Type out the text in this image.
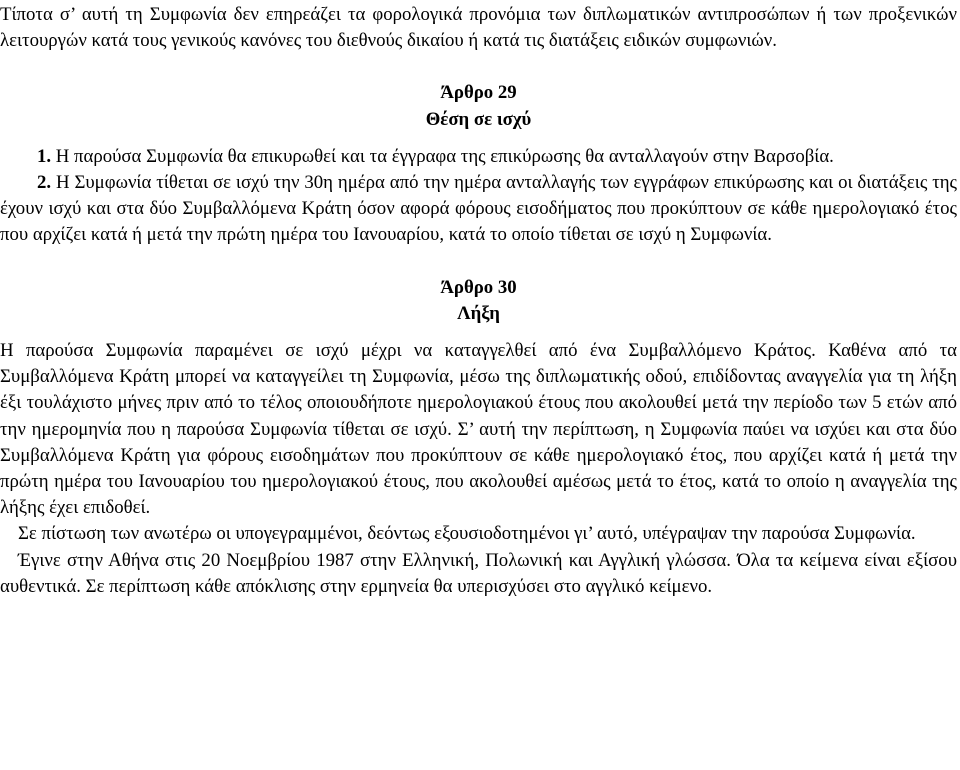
Τίποτα σ’ αυτή τη Συμφωνία δεν επηρεάζει τα φορολογικά προνόμια των διπλωματικών αντιπροσώπων ή των προξενικών λειτουργών κατά τους γενικούς κανόνες του διεθνούς δικαίου ή κατά τις διατάξεις ειδικών συμφωνιών.

Άρθρο 29
Θέση σε ισχύ

1. Η παρούσα Συμφωνία θα επικυρωθεί και τα έγγραφα της επικύρωσης θα ανταλλαγούν στην Βαρσοβία.

2. Η Συμφωνία τίθεται σε ισχύ την 30η ημέρα από την ημέρα ανταλλαγής των εγγράφων επικύρωσης και οι διατάξεις της έχουν ισχύ και στα δύο Συμβαλλόμενα Κράτη όσον αφορά φόρους εισοδήματος που προκύπτουν σε κάθε ημερολογιακό έτος που αρχίζει κατά ή μετά την πρώτη ημέρα του Ιανουαρίου, κατά το οποίο τίθεται σε ισχύ η Συμφωνία.

Άρθρο 30
Λήξη

Η παρούσα Συμφωνία παραμένει σε ισχύ μέχρι να καταγγελθεί από ένα Συμβαλλόμενο Κράτος. Καθένα από τα Συμβαλλόμενα Κράτη μπορεί να καταγγείλει τη Συμφωνία, μέσω της διπλωματικής οδού, επιδίδοντας αναγγελία για τη λήξη έξι τουλάχιστο μήνες πριν από το τέλος οποιουδήποτε ημερολογιακού έτους που ακολουθεί μετά την περίοδο των 5 ετών από την ημερομηνία που η παρούσα Συμφωνία τίθεται σε ισχύ. Σ’ αυτή την περίπτωση, η Συμφωνία παύει να ισχύει και στα δύο Συμβαλλόμενα Κράτη για φόρους εισοδημάτων που προκύπτουν σε κάθε ημερολογιακό έτος, που αρχίζει κατά ή μετά την πρώτη ημέρα του Ιανουαρίου του ημερολογιακού έτους, που ακολουθεί αμέσως μετά το έτος, κατά το οποίο η αναγγελία της λήξης έχει επιδοθεί.

Σε πίστωση των ανωτέρω οι υπογεγραμμένοι, δεόντως εξουσιοδοτημένοι γι’ αυτό, υπέγραψαν την παρούσα Συμφωνία.

Έγινε στην Αθήνα στις 20 Νοεμβρίου 1987 στην Ελληνική, Πολωνική και Αγγλική γλώσσα. Όλα τα κείμενα είναι εξίσου αυθεντικά. Σε περίπτωση κάθε απόκλισης στην ερμηνεία θα υπερισχύσει στο αγγλικό κείμενο.
